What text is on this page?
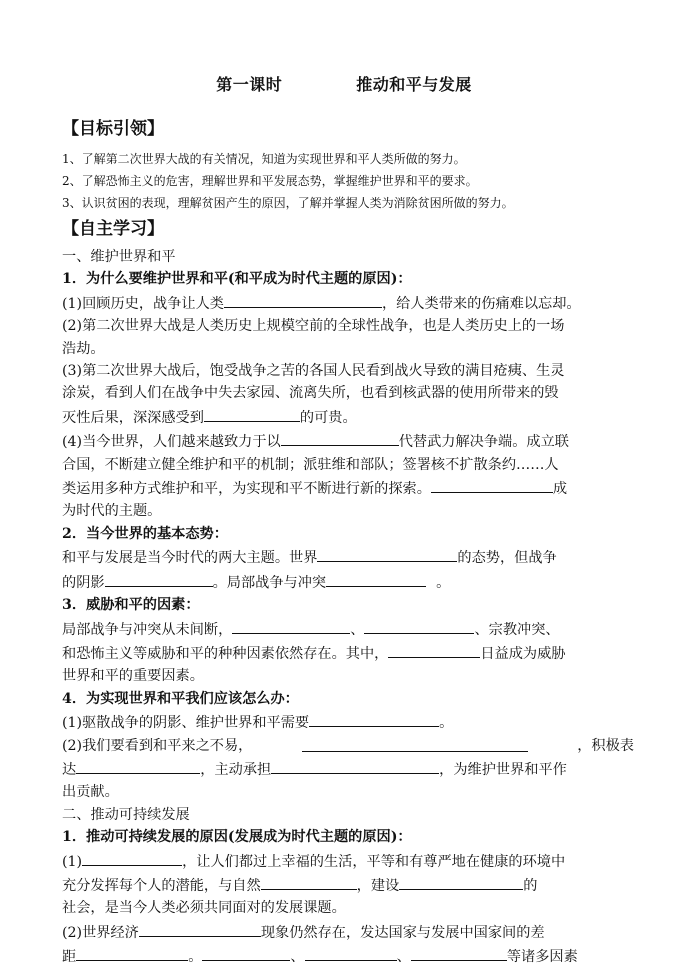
第一课时	推动和平与发展
【目标引领】
1、了解第二次世界大战的有关情况，知道为实现世界和平人类所做的努力。
2、了解恐怖主义的危害，理解世界和平发展态势，掌握维护世界和平的要求。
3、认识贫困的表现，理解贫困产生的原因，了解并掌握人类为消除贫困所做的努力。
【自主学习】
一、维护世界和平
1．为什么要维护世界和平(和平成为时代主题的原因)：
(1)回顾历史，战争让人类	，给人类带来的伤痛难以忘却。
(2)第二次世界大战是人类历史上规模空前的全球性战争，也是人类历史上的一场
浩劫。
(3)第二次世界大战后，饱受战争之苦的各国人民看到战火导致的满目疮痍、生灵
涂炭，看到人们在战争中失去家园、流离失所，也看到核武器的使用所带来的毁
灭性后果，深深感受到	的可贵。
(4)当今世界，人们越来越致力于以	代替武力解决争端。成立联
合国，不断建立健全维护和平的机制；派驻维和部队；签署核不扩散条约……人
类运用多种方式维护和平，为实现和平不断进行新的探索。	成
为时代的主题。
2．当今世界的基本态势：
和平与发展是当今时代的两大主题。世界	的态势，但战争
的阴影	。局部战争与冲突	。
3．威胁和平的因素：
局部战争与冲突从未间断，	、	、宗教冲突、
和恐怖主义等威胁和平的种种因素依然存在。其中，	日益成为威胁
世界和平的重要因素。
4．为实现世界和平我们应该怎么办：
(1)驱散战争的阴影、维护世界和平需要	。
(2)我们要看到和平来之不易，	，积极表
达	，主动承担	，为维护世界和平作
出贡献。
二、推动可持续发展
1．推动可持续发展的原因(发展成为时代主题的原因)：
(1)	，让人们都过上幸福的生活，平等和有尊严地在健康的环境中
充分发挥每个人的潜能，与自然	，建设	的
社会，是当今人类必须共同面对的发展课题。
(2)世界经济	现象仍然存在，发达国家与发展中国家间的差
距	。	、	、	等诸多因素
